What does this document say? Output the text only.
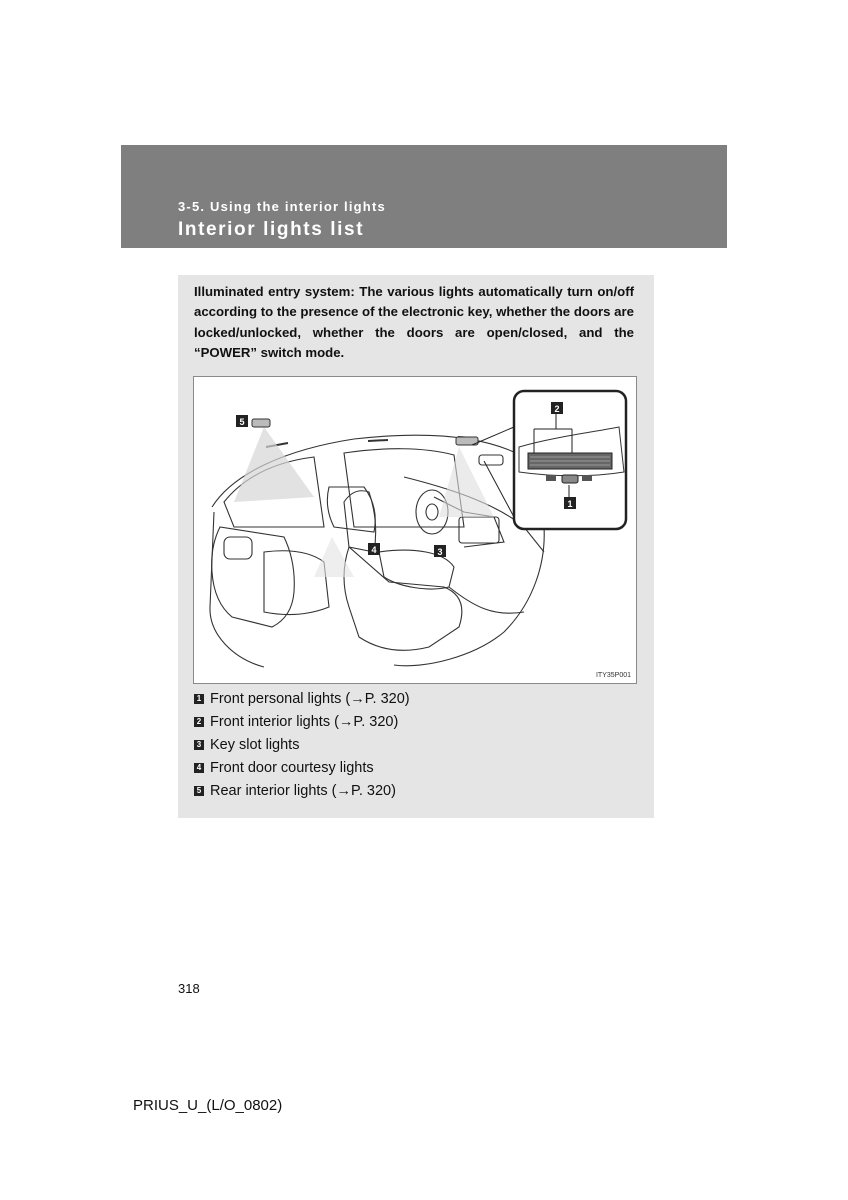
3-5. Using the interior lights
Interior lights list
Illuminated entry system: The various lights automatically turn on/off according to the presence of the electronic key, whether the doors are locked/unlocked, whether the doors are open/closed, and the “POWER” switch mode.
1
2
3
4
5
ITY35P001
1 Front personal lights (→P. 320)
2 Front interior lights (→P. 320)
3 Key slot lights
4 Front door courtesy lights
5 Rear interior lights (→P. 320)
318
PRIUS_U_(L/O_0802)
